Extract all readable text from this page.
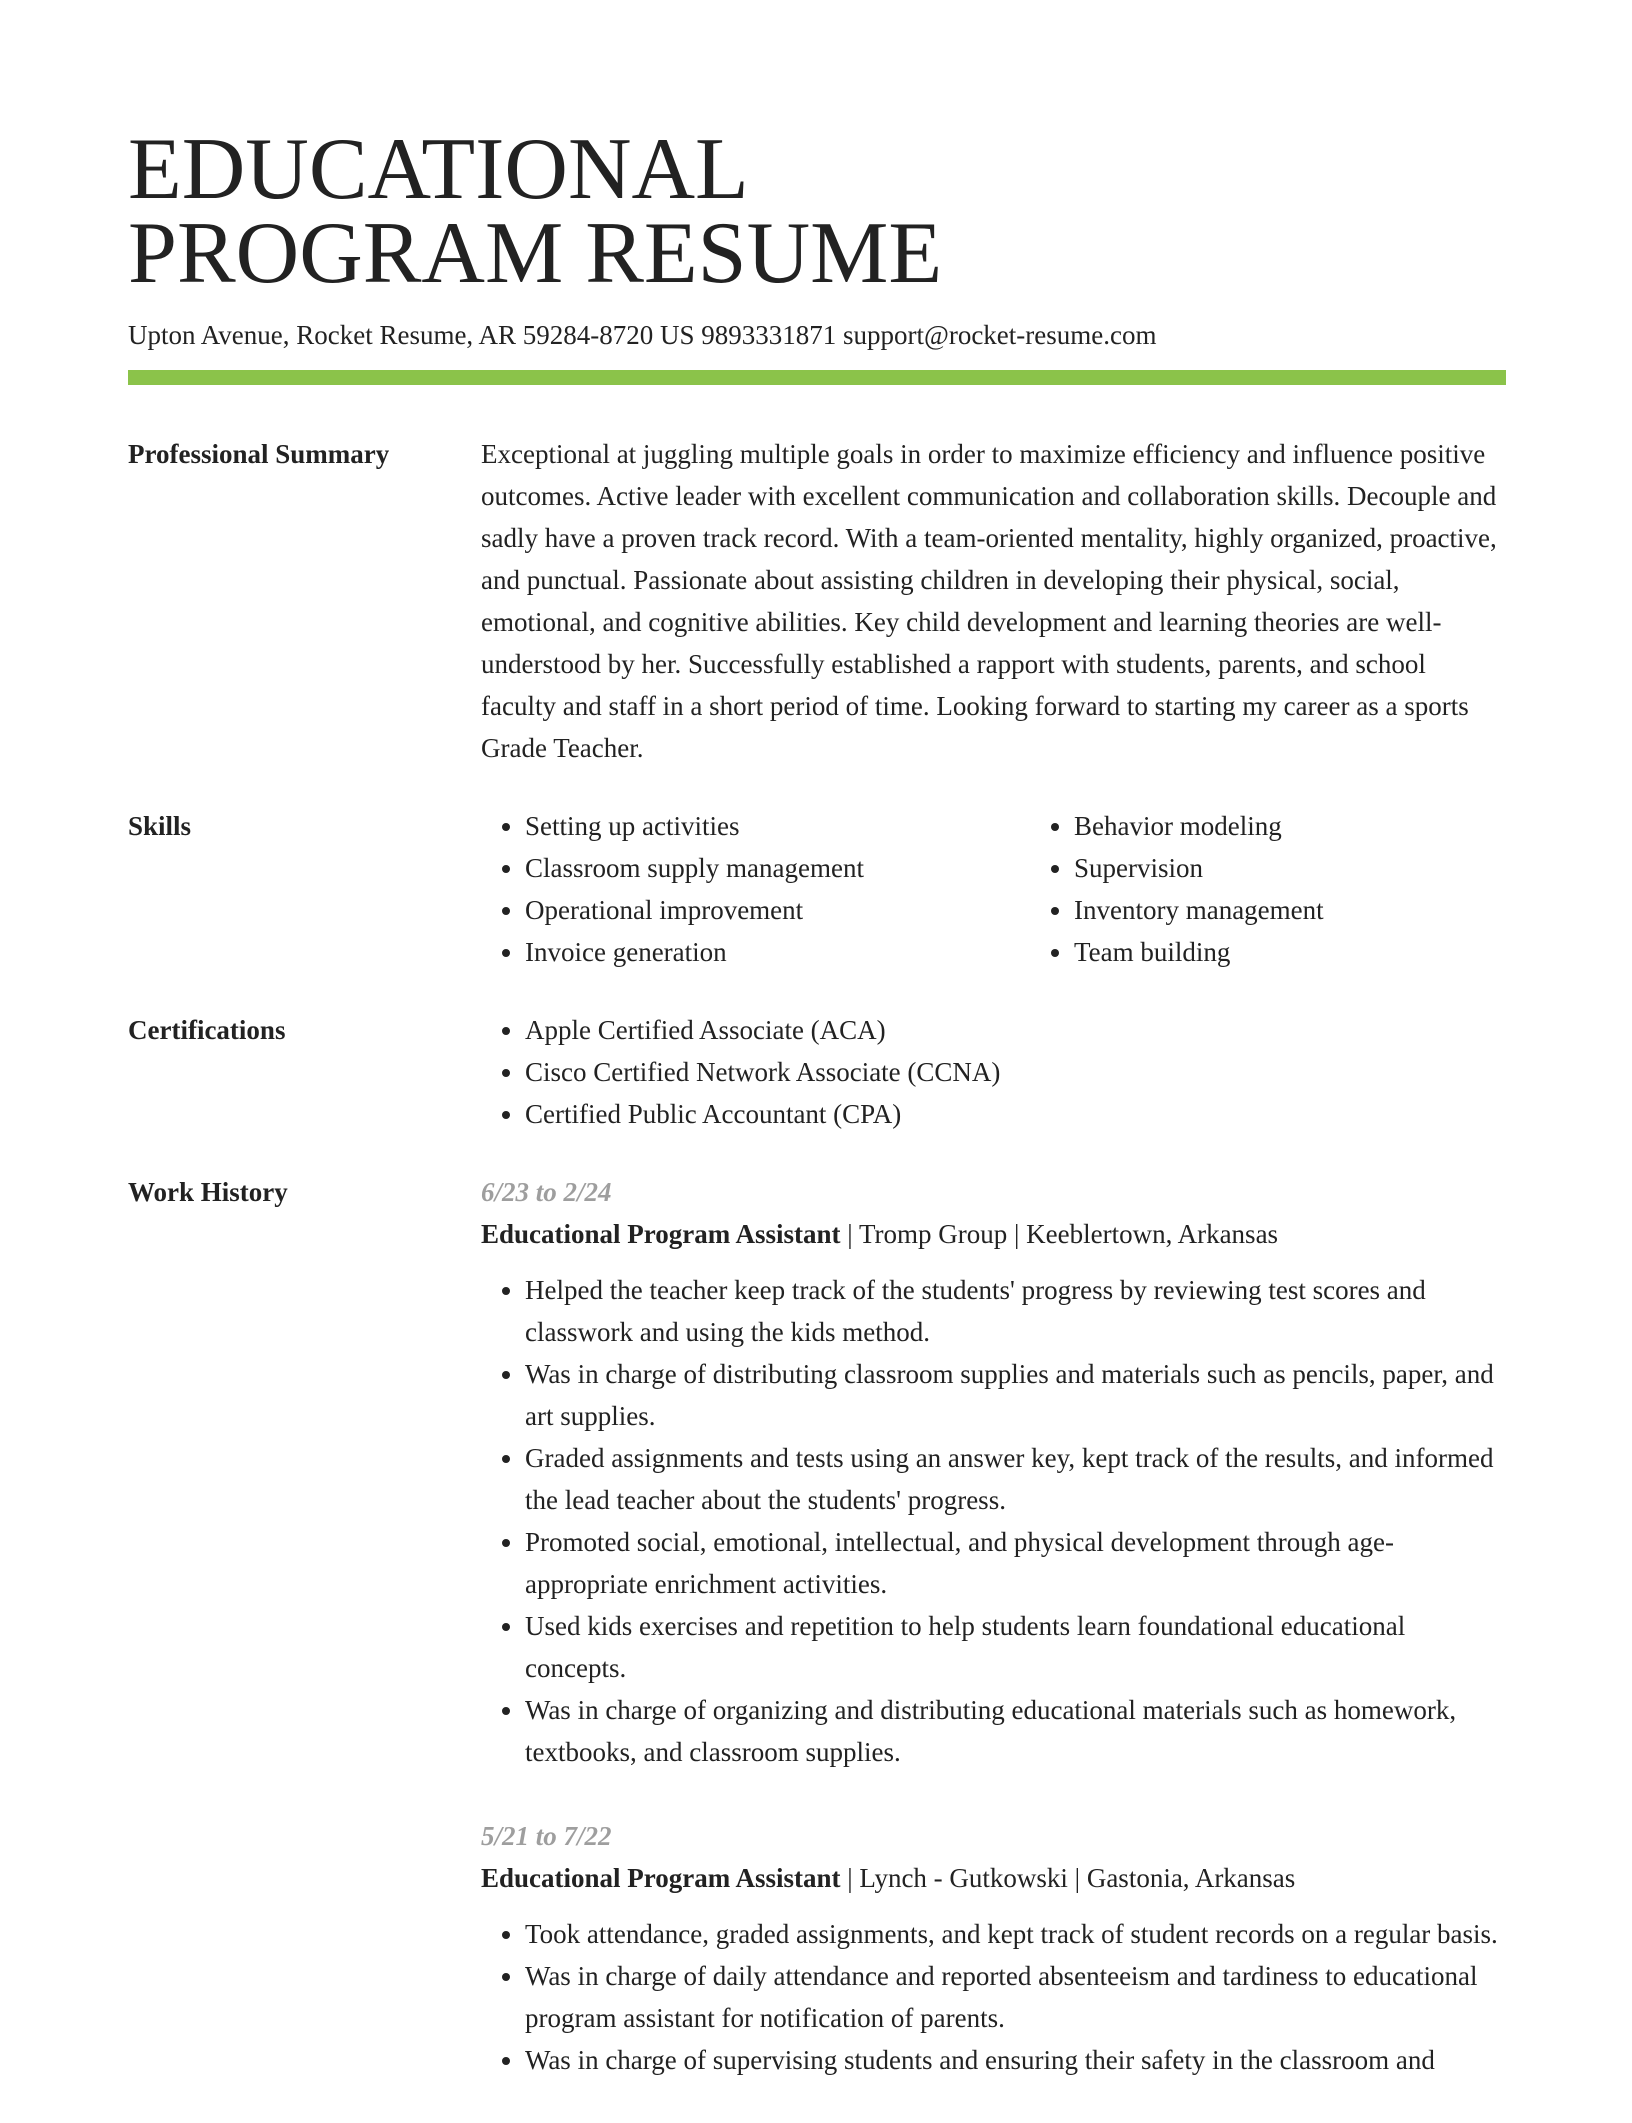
EDUCATIONAL
PROGRAM RESUME
Upton Avenue, Rocket Resume, AR 59284-8720 US 9893331871 support@rocket-resume.com
Professional Summary	Exceptional at juggling multiple goals in order to maximize efficiency and influence positive outcomes. Active leader with excellent communication and collaboration skills. Decouple and sadly have a proven track record. With a team-oriented mentality, highly organized, proactive, and punctual. Passionate about assisting children in developing their physical, social, emotional, and cognitive abilities. Key child development and learning theories are well-understood by her. Successfully established a rapport with students, parents, and school faculty and staff in a short period of time. Looking forward to starting my career as a sports Grade Teacher.

Skills	• Setting up activities
• Classroom supply management
• Operational improvement
• Invoice generation
• Behavior modeling
• Supervision
• Inventory management
• Team building
Certifications	• Apple Certified Associate (ACA)
• Cisco Certified Network Associate (CCNA)
• Certified Public Accountant (CPA)
Work History	6/23 to 2/24
Educational Program Assistant | Tromp Group | Keeblertown, Arkansas
• Helped the teacher keep track of the students' progress by reviewing test scores and classwork and using the kids method.
• Was in charge of distributing classroom supplies and materials such as pencils, paper, and art supplies.
• Graded assignments and tests using an answer key, kept track of the results, and informed the lead teacher about the students' progress.
• Promoted social, emotional, intellectual, and physical development through age-appropriate enrichment activities.
• Used kids exercises and repetition to help students learn foundational educational concepts.
• Was in charge of organizing and distributing educational materials such as homework, textbooks, and classroom supplies.
5/21 to 7/22
Educational Program Assistant | Lynch - Gutkowski | Gastonia, Arkansas
• Took attendance, graded assignments, and kept track of student records on a regular basis.
• Was in charge of daily attendance and reported absenteeism and tardiness to educational program assistant for notification of parents.
• Was in charge of supervising students and ensuring their safety in the classroom and
